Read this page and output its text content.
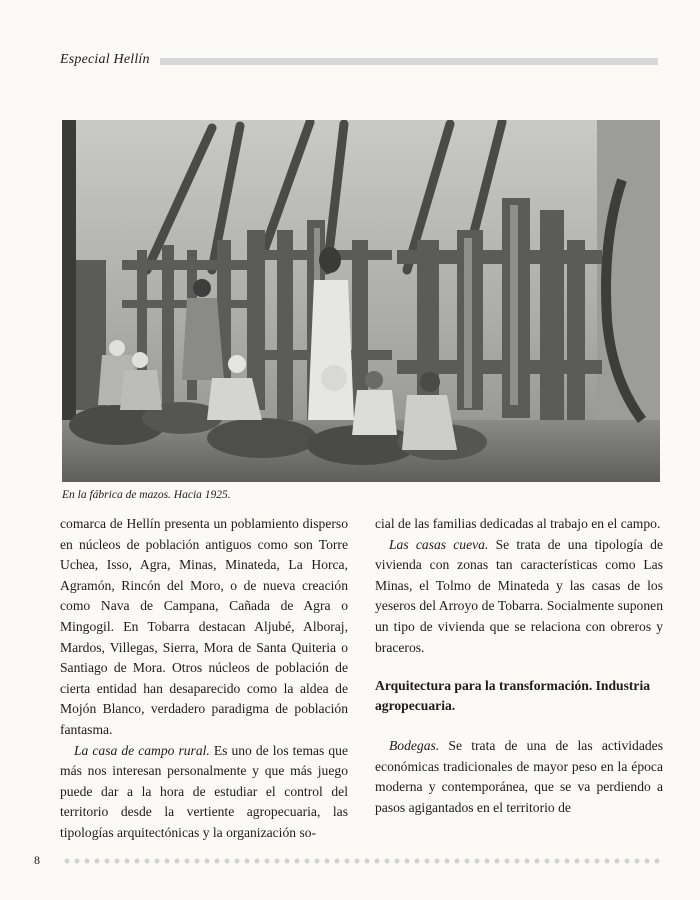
Especial Hellín
En la fábrica de mazos. Hacia 1925.

comarca de Hellín presenta un poblamiento disperso en núcleos de población antiguos como son Torre Uchea, Isso, Agra, Minas, Minateda, La Horca, Agramón, Rincón del Moro, o de nueva creación como Nava de Campana, Cañada de Agra o Mingogil. En Tobarra destacan Aljubé, Alboraj, Mardos, Villegas, Sierra, Mora de Santa Quiteria o Santiago de Mora. Otros núcleos de población de cierta entidad han desaparecido como la aldea de Mojón Blanco, verdadero paradigma de población fantasma.

La casa de campo rural. Es uno de los temas que más nos interesan personalmente y que más juego puede dar a la hora de estudiar el control del territorio desde la vertiente agropecuaria, las tipologías arquitectónicas y la organización so-

cial de las familias dedicadas al trabajo en el campo.

Las casas cueva. Se trata de una tipología de vivienda con zonas tan características como Las Minas, el Tolmo de Minateda y las casas de los yeseros del Arroyo de Tobarra. Socialmente suponen un tipo de vivienda que se relaciona con obreros y braceros.

Arquitectura para la transformación. Industria agropecuaria.

Bodegas. Se trata de una de las actividades económicas tradicionales de mayor peso en la época moderna y contemporánea, que se va perdiendo a pasos agigantados en el territorio de

8
